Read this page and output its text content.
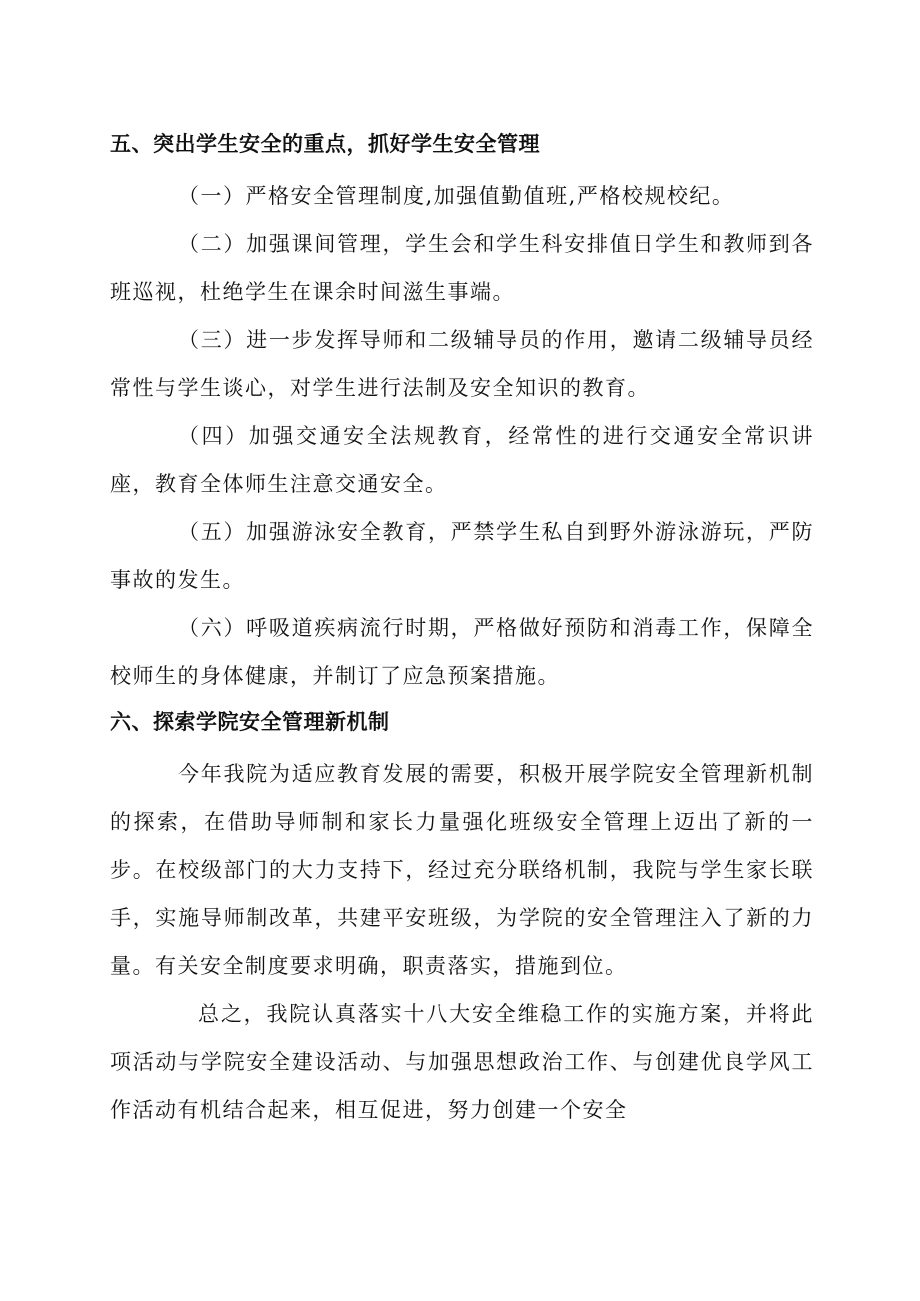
五、突出学生安全的重点，抓好学生安全管理

（一）严格安全管理制度,加强值勤值班,严格校规校纪。

（二）加强课间管理，学生会和学生科安排值日学生和教师到各班巡视，杜绝学生在课余时间滋生事端。

（三）进一步发挥导师和二级辅导员的作用，邀请二级辅导员经常性与学生谈心，对学生进行法制及安全知识的教育。

（四）加强交通安全法规教育，经常性的进行交通安全常识讲座，教育全体师生注意交通安全。

（五）加强游泳安全教育，严禁学生私自到野外游泳游玩，严防事故的发生。

（六）呼吸道疾病流行时期，严格做好预防和消毒工作，保障全校师生的身体健康，并制订了应急预案措施。

六、探索学院安全管理新机制

今年我院为适应教育发展的需要，积极开展学院安全管理新机制的探索，在借助导师制和家长力量强化班级安全管理上迈出了新的一步。在校级部门的大力支持下，经过充分联络机制，我院与学生家长联手，实施导师制改革，共建平安班级，为学院的安全管理注入了新的力量。有关安全制度要求明确，职责落实，措施到位。

总之，我院认真落实十八大安全维稳工作的实施方案，并将此项活动与学院安全建设活动、与加强思想政治工作、与创建优良学风工作活动有机结合起来，相互促进，努力创建一个安全
